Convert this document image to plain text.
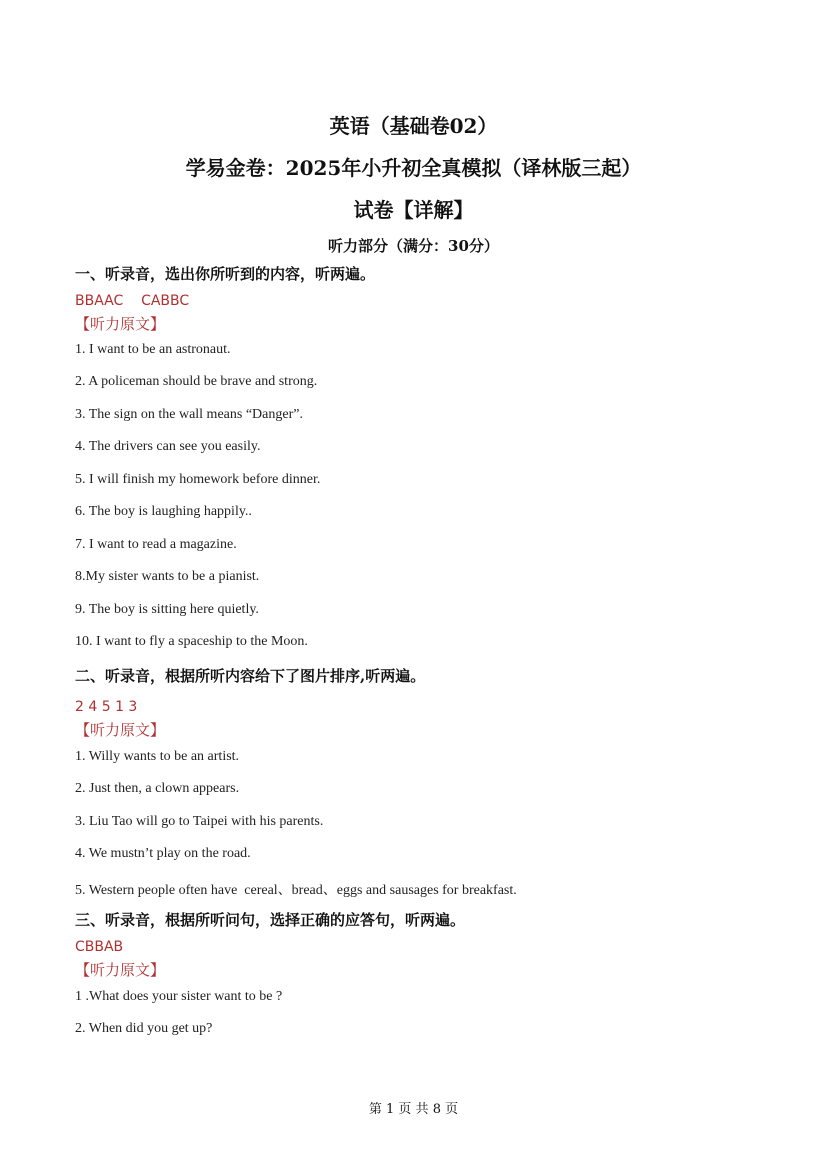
英语（基础卷02）
学易金卷：2025年小升初全真模拟（译林版三起）
试卷【详解】
听力部分（满分：30分）
一、听录音，选出你所听到的内容，听两遍。
BBAAC    CABBC
【听力原文】
1. I want to be an astronaut.
2. A policeman should be brave and strong.
3. The sign on the wall means “Danger”.
4. The drivers can see you easily.
5. I will finish my homework before dinner.
6. The boy is laughing happily..
7. I want to read a magazine.
8.My sister wants to be a pianist.
9. The boy is sitting here quietly.
10. I want to fly a spaceship to the Moon.
二、听录音，根据所听内容给下了图片排序,听两遍。
2 4 5 1 3
【听力原文】
1. Willy wants to be an artist.
2. Just then, a clown appears.
3. Liu Tao will go to Taipei with his parents.
4. We mustn’t play on the road.
5. Western people often have  cereal、bread、eggs and sausages for breakfast.
三、听录音，根据所听问句，选择正确的应答句，听两遍。
CBBAB
【听力原文】
1 .What does your sister want to be ?
2. When did you get up?
第 1 页 共 8 页
